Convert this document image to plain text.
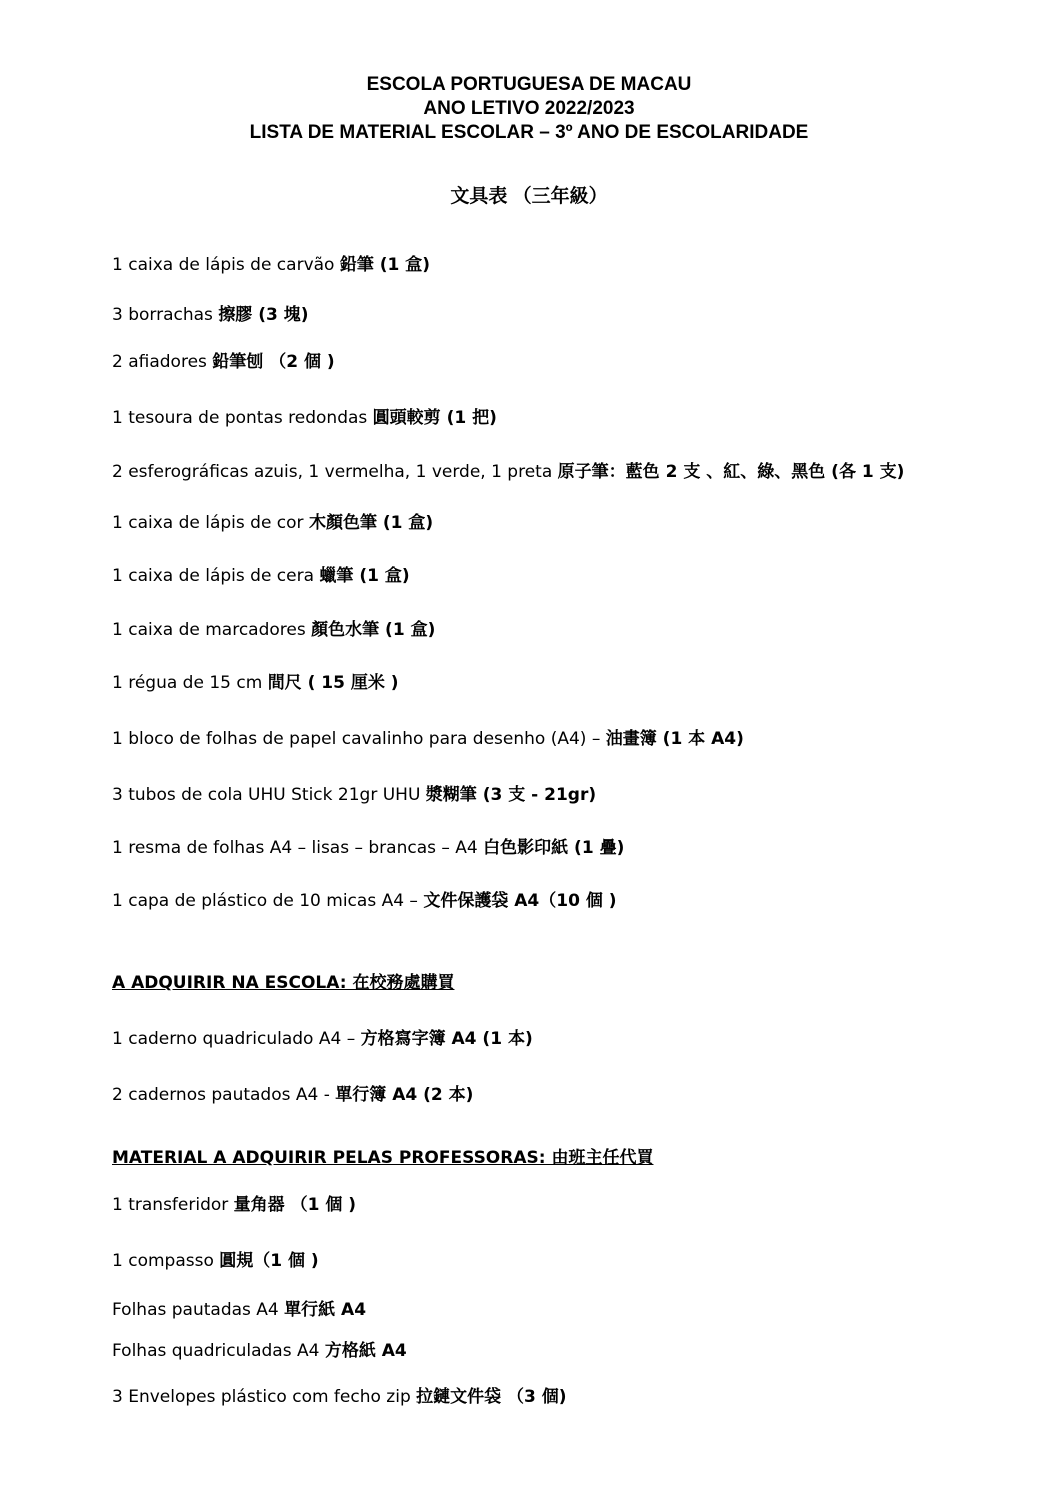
ESCOLA PORTUGUESA DE MACAU
ANO LETIVO 2022/2023
LISTA DE MATERIAL ESCOLAR – 3º ANO DE ESCOLARIDADE
文具表 （三年級）
1 caixa de lápis de carvão 鉛筆 (1 盒)
3 borrachas 擦膠 (3 塊)
2 afiadores 鉛筆刨 （2 個 )
1 tesoura de pontas redondas 圓頭較剪 (1 把)
2 esferográficas azuis, 1 vermelha, 1 verde, 1 preta 原子筆：藍色 2 支 、紅、綠、黑色 (各 1 支)
1 caixa de lápis de cor 木顏色筆 (1 盒)
1 caixa de lápis de cera 蠟筆 (1 盒)
1 caixa de marcadores 顏色水筆 (1 盒)
1 régua de 15 cm 間尺 ( 15 厘米 )
1 bloco de folhas de papel cavalinho para desenho (A4) – 油畫簿 (1 本 A4)
3 tubos de cola UHU Stick 21gr UHU 漿糊筆 (3 支 - 21gr)
1 resma de folhas A4 – lisas – brancas – A4 白色影印紙 (1 疊)
1 capa de plástico de 10 micas A4 – 文件保護袋 A4（10 個 )
A ADQUIRIR NA ESCOLA: 在校務處購買
1 caderno quadriculado A4 – 方格寫字簿 A4 (1 本)
2 cadernos pautados A4 - 單行簿 A4 (2 本)
MATERIAL A ADQUIRIR PELAS PROFESSORAS: 由班主任代買
1 transferidor 量角器 （1 個 )
1 compasso 圓規（1 個 )
Folhas pautadas A4 單行紙 A4
Folhas quadriculadas A4 方格紙 A4
3 Envelopes plástico com fecho zip 拉鏈文件袋 （3 個)
